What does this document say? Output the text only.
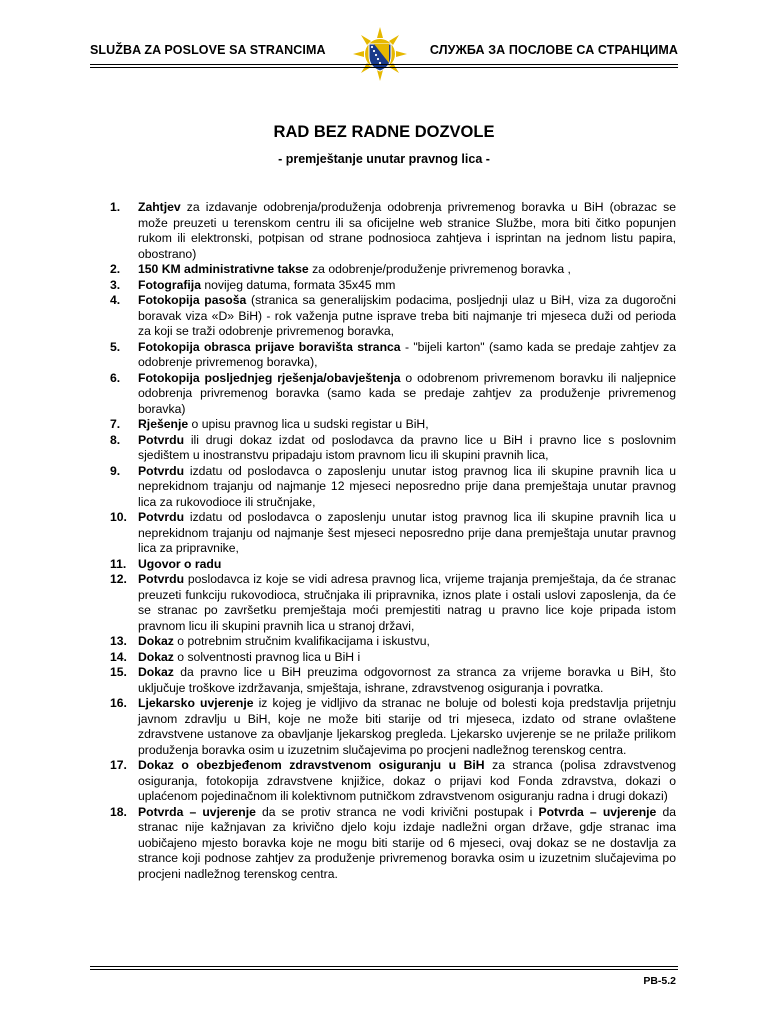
SLUŽBA ZA POSLOVE SA STRANCIMA	СЛУЖБА ЗА ПОСЛОВЕ СА СТРАНЦИМА
RAD BEZ RADNE DOZVOLE
- premještanje unutar pravnog lica -
1. Zahtjev za izdavanje odobrenja/produženja odobrenja privremenog boravka u BiH (obrazac se može preuzeti u terenskom centru ili sa oficijelne web stranice Službe, mora biti čitko popunjen rukom ili elektronski, potpisan od strane podnosioca zahtjeva i isprintan na jednom listu papira, obostrano)
2. 150 KM administrativne takse za odobrenje/produženje privremenog boravka ,
3. Fotografija novijeg datuma, formata 35x45 mm
4. Fotokopija pasoša (stranica sa generalijskim podacima, posljednji ulaz u BiH, viza za dugoročni boravak viza «D» BiH) - rok važenja putne isprave treba biti najmanje tri mjeseca duži od perioda za koji se traži odobrenje privremenog boravka,
5. Fotokopija obrasca prijave boravišta stranca - "bijeli karton" (samo kada se predaje zahtjev za odobrenje privremenog boravka),
6. Fotokopija posljednjeg rješenja/obavještenja o odobrenom privremenom boravku ili naljepnice odobrenja privremenog boravka (samo kada se predaje zahtjev za produženje privremenog boravka)
7. Rješenje o upisu pravnog lica u sudski registar u BiH,
8. Potvrdu ili drugi dokaz izdat od poslodavca da pravno lice u BiH i pravno lice s poslovnim sjedištem u inostranstvu pripadaju istom pravnom licu ili skupini pravnih lica,
9. Potvrdu izdatu od poslodavca o zaposlenju unutar istog pravnog lica ili skupine pravnih lica u neprekidnom trajanju od najmanje 12 mjeseci neposredno prije dana premještaja unutar pravnog lica za rukovodioce ili stručnjake,
10. Potvrdu izdatu od poslodavca o zaposlenju unutar istog pravnog lica ili skupine pravnih lica u neprekidnom trajanju od najmanje šest mjeseci neposredno prije dana premještaja unutar pravnog lica za pripravnike,
11. Ugovor o radu
12. Potvrdu poslodavca iz koje se vidi adresa pravnog lica, vrijeme trajanja premještaja, da će stranac preuzeti funkciju rukovodioca, stručnjaka ili pripravnika, iznos plate i ostali uslovi zaposlenja, da će se stranac po završetku premještaja moći premjestiti natrag u pravno lice koje pripada istom pravnom licu ili skupini pravnih lica u stranoj državi,
13. Dokaz o potrebnim stručnim kvalifikacijama i iskustvu,
14. Dokaz o solventnosti pravnog lica u BiH i
15. Dokaz da pravno lice u BiH preuzima odgovornost za stranca za vrijeme boravka u BiH, što uključuje troškove izdržavanja, smještaja, ishrane, zdravstvenog osiguranja i povratka.
16. Ljekarsko uvjerenje iz kojeg je vidljivo da stranac ne boluje od bolesti koja predstavlja prijetnju javnom zdravlju u BiH, koje ne može biti starije od tri mjeseca, izdato od strane ovlaštene zdravstvene ustanove za obavljanje ljekarskog pregleda. Ljekarsko uvjerenje se ne prilaže prilikom produženja boravka osim u izuzetnim slučajevima po procjeni nadležnog terenskog centra.
17. Dokaz o obezbjeđenom zdravstvenom osiguranju u BiH za stranca (polisa zdravstvenog osiguranja, fotokopija zdravstvene knjižice, dokaz o prijavi kod Fonda zdravstva, dokazi o uplaćenom pojedinačnom ili kolektivnom putničkom zdravstvenom osiguranju radna i drugi dokazi)
18. Potvrda – uvjerenje da se protiv stranca ne vodi krivični postupak i Potvrda – uvjerenje da stranac nije kažnjavan za krivično djelo koju izdaje nadležni organ države, gdje stranac ima uobičajeno mjesto boravka koje ne mogu biti starije od 6 mjeseci, ovaj dokaz se ne dostavlja za strance koji podnose zahtjev za produženje privremenog boravka osim u izuzetnim slučajevima po procjeni nadležnog terenskog centra.
PB-5.2
